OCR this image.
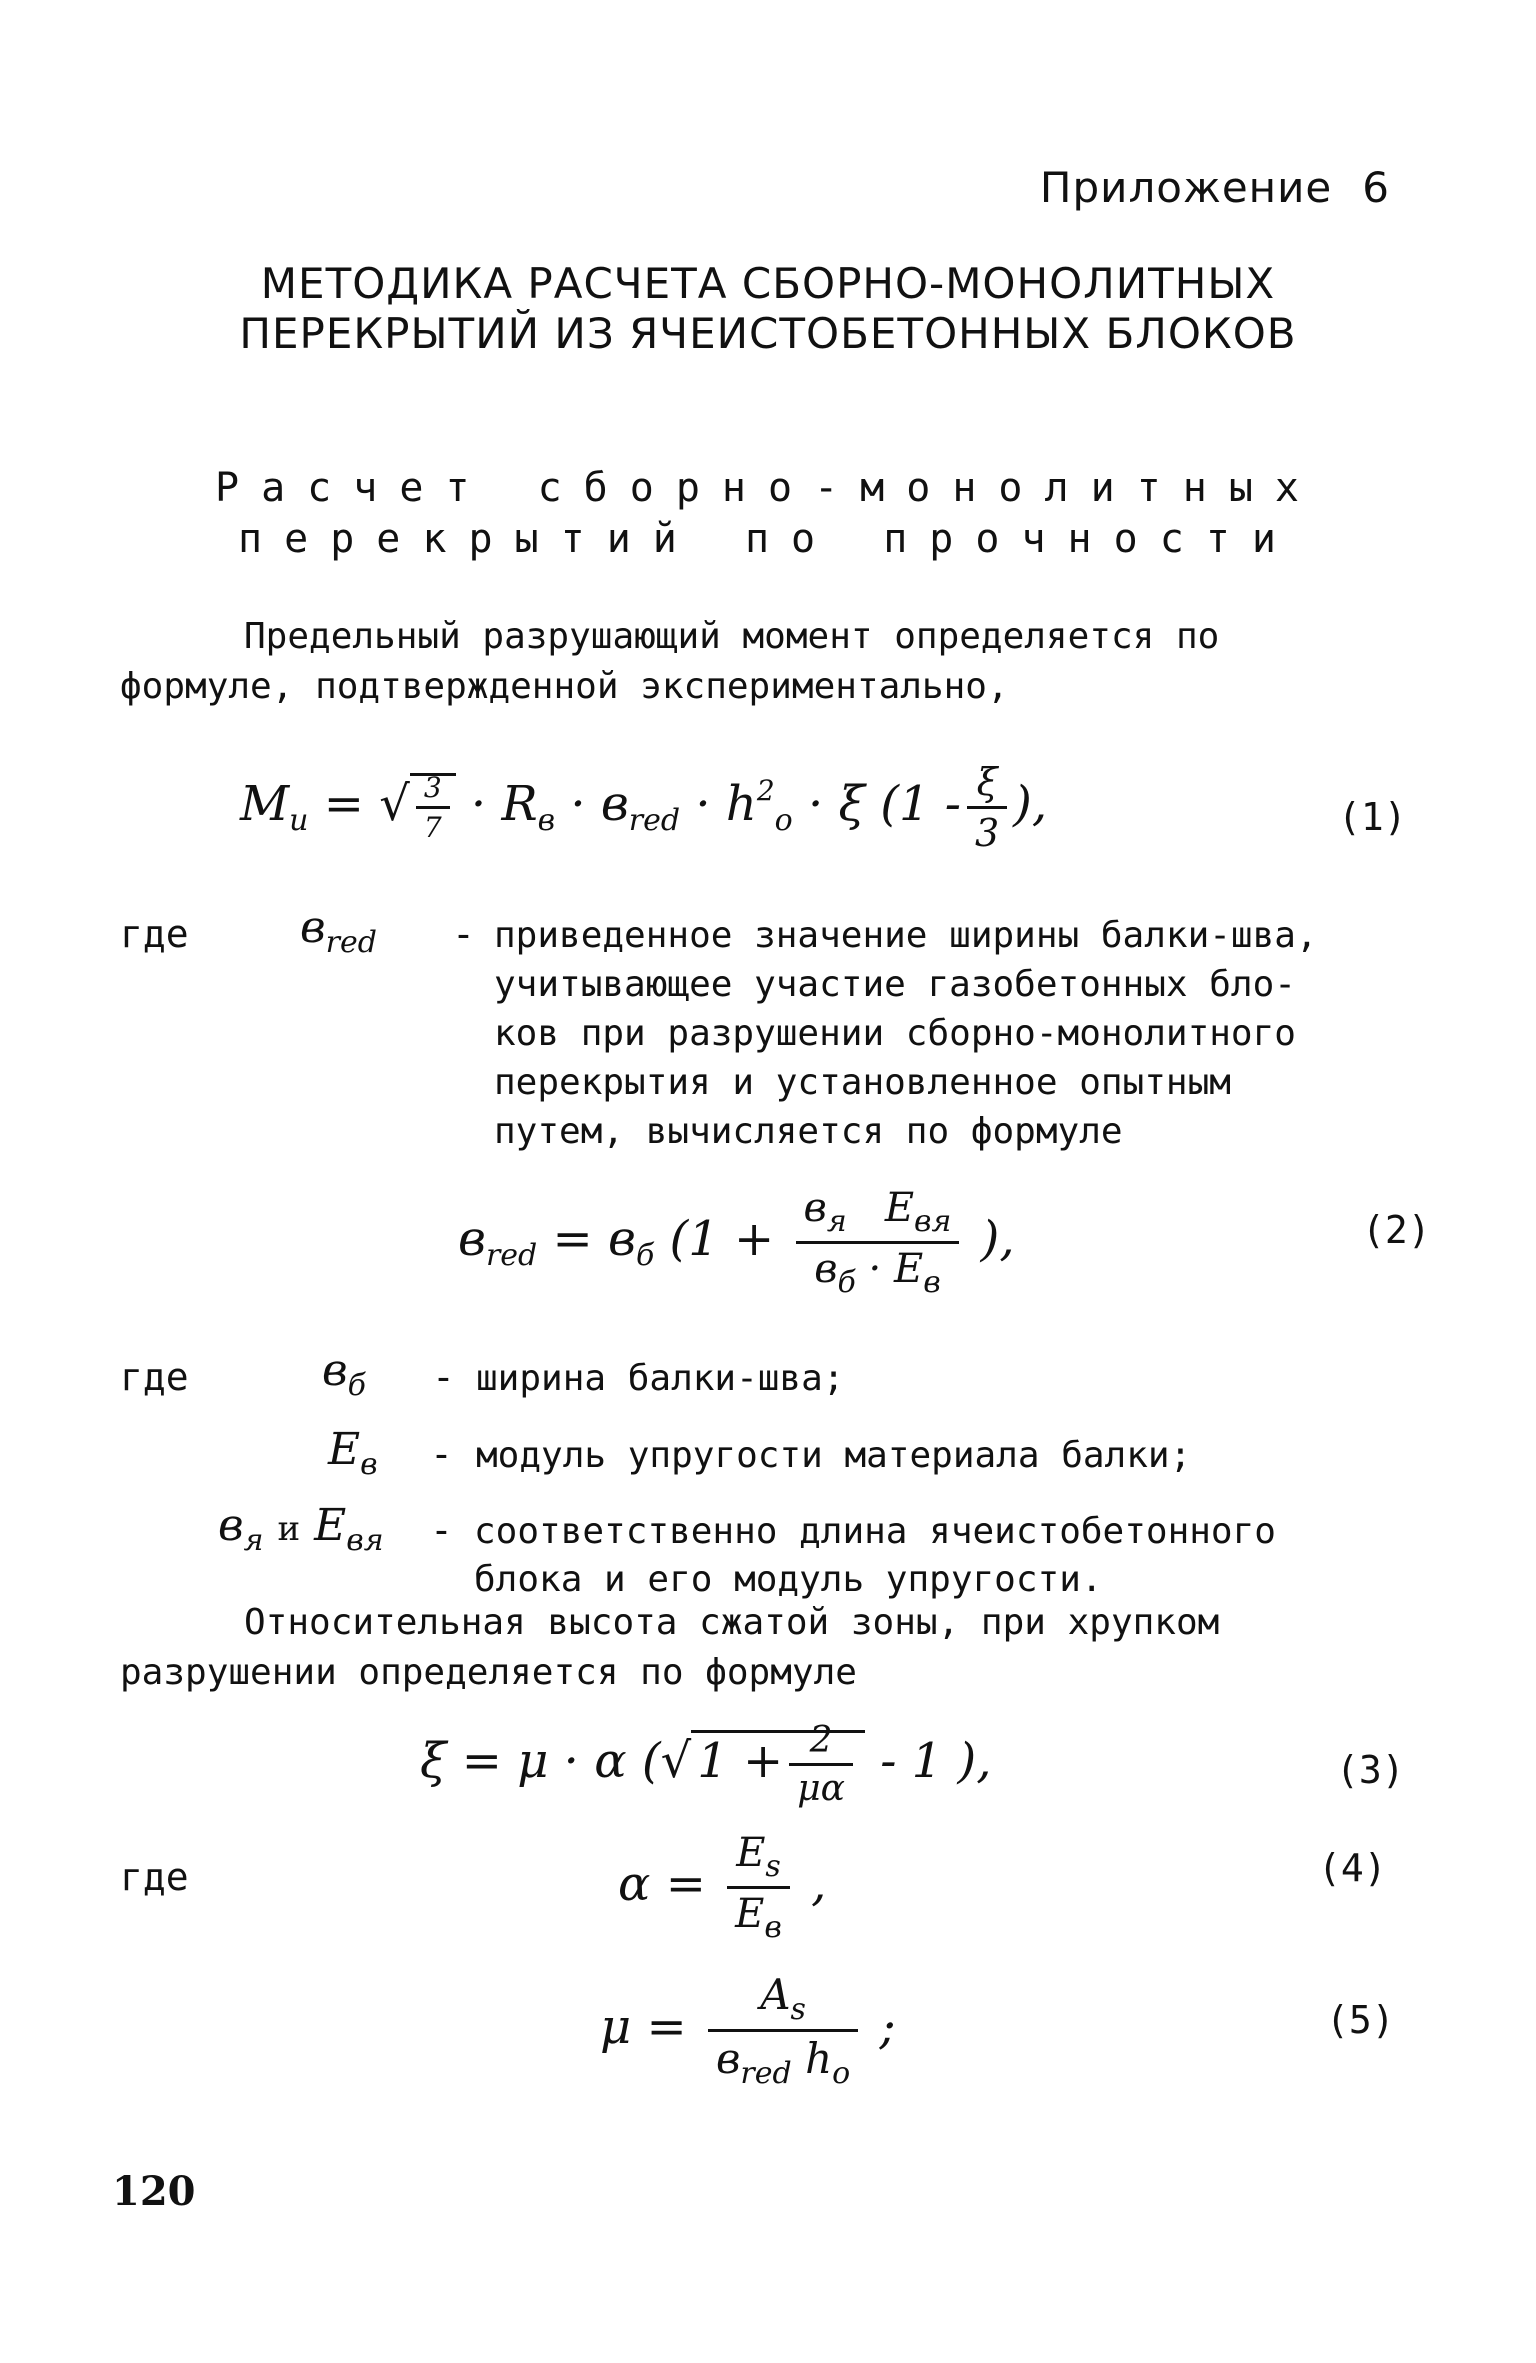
Приложение 6
МЕТОДИКА РАСЧЕТА СБОРНО-МОНОЛИТНЫХ
ПЕРЕКРЫТИЙ ИЗ ЯЧЕИСТОБЕТОННЫХ БЛОКОВ
Расчет сборно-монолитных
перекрытий по прочности
Предельный разрушающий момент определяется по
формуле, подтвержденной экспериментально,
$M_u$ = √ $\frac{3}{7} \cdot R_в \cdot в_{red} \cdot h^2_o \cdot \xi$ ($1 - \frac{\xi}{3}$ ),	(1)
где	$в_{red}$ - приведенное значение ширины балки-шва,
учитывающее участие газобетонных бло-
ков при разрушении сборно-монолитного
перекрытия и установленное опытным
путем, вычисляется по формуле
$в_{red} = в_б$ ($1 + \frac{в_я E_{вя}}{в_б \cdot E_в}$ ),	(2)
где	$в_б$ - ширина балки-шва;
$E_в$ - модуль упругости материала балки;
$в_я$ и $E_{вя}$ - соответственно длина ячеистобетонного
блока и его модуль упругости.
Относительная высота сжатой зоны, при хрупком
разрушении определяется по формуле
ξ = μ · α (√ $1 + \frac{2}{\mu\alpha} - 1$ ),	(3)
где	$\alpha = \frac{E_s}{E_в}$ ,	(4)
$\mu = \frac{A_s}{в_{red} h_o}$ ;	(5)
120
